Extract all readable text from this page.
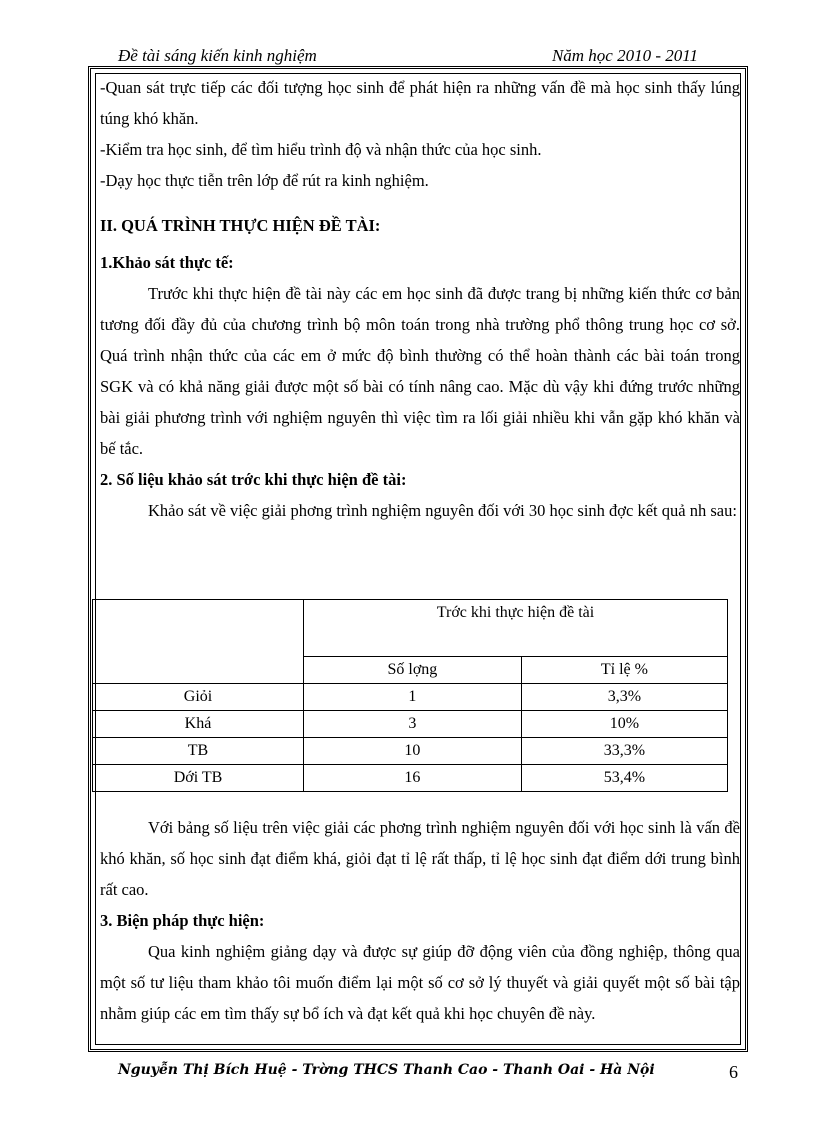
Đề tài sáng kiến kinh nghiệm	Năm học 2010 - 2011

-Quan sát trực tiếp các đối tượng học sinh để phát hiện ra những vấn đề mà học sinh thấy lúng túng khó khăn.

-Kiểm tra học sinh, để tìm hiểu trình độ và nhận thức của học sinh.

-Dạy học thực tiễn trên lớp để rút ra kinh nghiệm.

II. QUÁ TRÌNH THỰC HIỆN ĐỀ TÀI:

1.Khảo sát thực tế:

Trước khi thực hiện đề tài này các em học sinh đã được trang bị những kiến thức cơ bản tương đối đầy đủ của chương trình bộ môn toán trong nhà trường phổ thông trung học cơ sở. Quá trình nhận thức của các em ở mức độ bình thường có thể hoàn thành các bài toán trong SGK và có khả năng giải được một số bài có tính nâng cao. Mặc dù vậy khi đứng trước những bài giải phương trình với nghiệm nguyên thì việc tìm ra lối giải nhiều khi vẫn gặp khó khăn và bế tắc.

2. Số liệu khảo sát trớc khi thực hiện đề tài:

Khảo sát về việc giải phơng trình nghiệm nguyên đối với 30 học sinh đợc kết quả nh sau:

	Trớc khi thực hiện đề tài	
	Số lợng	Tỉ lệ %
Giỏi	1	3,3%
Khá	3	10%
TB	10	33,3%
Dới TB	16	53,4%

Với bảng số liệu trên việc giải các phơng trình nghiệm nguyên đối với học sinh là vấn đề khó khăn, số học sinh đạt điểm khá, giỏi đạt tỉ lệ rất thấp, tỉ lệ học sinh đạt điểm dới trung bình rất cao.

3. Biện pháp thực hiện:

Qua kinh nghiệm giảng dạy và được sự giúp đỡ động viên của đồng nghiệp, thông qua một số tư liệu tham khảo tôi muốn điểm lại một số cơ sở lý thuyết và giải quyết một số bài tập nhằm giúp các em tìm thấy sự bổ ích và đạt kết quả khi học chuyên đề này.

Nguyễn Thị Bích Huệ - Trờng THCS Thanh Cao - Thanh Oai - Hà Nội	6
